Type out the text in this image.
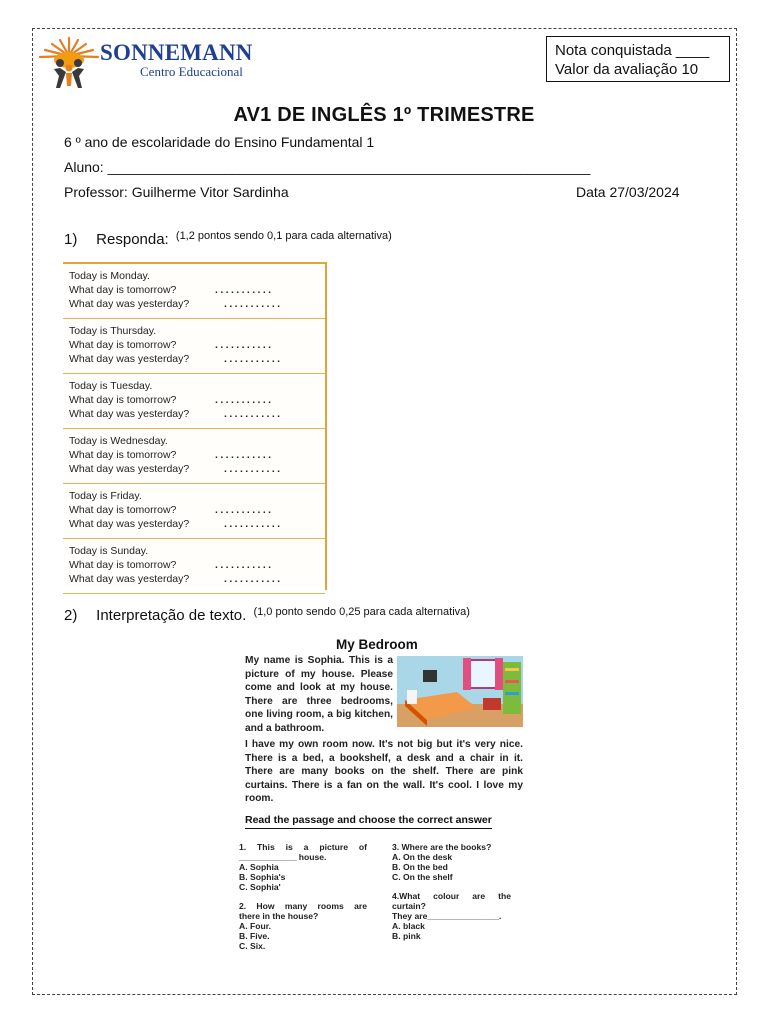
SONNEMANN
Centro Educacional
Nota conquistada ____
Valor da avaliação 10
AV1 DE INGLÊS 1º TRIMESTRE
6 º ano de escolaridade do Ensino Fundamental 1
Aluno: ______________________________________________________________
Professor: Guilherme Vitor Sardinha	Data 27/03/2024
1) Responda: $^{(1,2 pontos sendo 0,1 para cada alternativa)}$
Today is Monday.
What day is tomorrow?	...........
What day was yesterday?	...........
Today is Thursday.
What day is tomorrow?	...........
What day was yesterday?	...........
Today is Tuesday.
What day is tomorrow?	...........
What day was yesterday?	...........
Today is Wednesday.
What day is tomorrow?	...........
What day was yesterday?	...........
Today is Friday.
What day is tomorrow?	...........
What day was yesterday?	...........
Today is Sunday.
What day is tomorrow?	...........
What day was yesterday?	...........
2) Interpretação de texto. $^{(1,0 ponto sendo 0,25 para cada alternativa)}$
My Bedroom
My name is Sophia. This is a picture of my house. Please come and look at my house. There are three bedrooms, one living room, a big kitchen, and a bathroom.
I have my own room now. It's not big but it's very nice. There is a bed, a bookshelf, a desk and a chair in it. There are many books on the shelf. There are pink curtains. There is a fan on the wall. It's cool. I love my room.
Read the passage and choose the correct answer
1. This is a picture of
____________ house.
A. Sophia
B. Sophia's
C. Sophia'
2. How many rooms are
there in the house?
A. Four.
B. Five.
C. Six.
3. Where are the books?
A. On the desk
B. On the bed
C. On the shelf
4.What colour are the
curtain?
They are_______________.
A. black
B. pink
